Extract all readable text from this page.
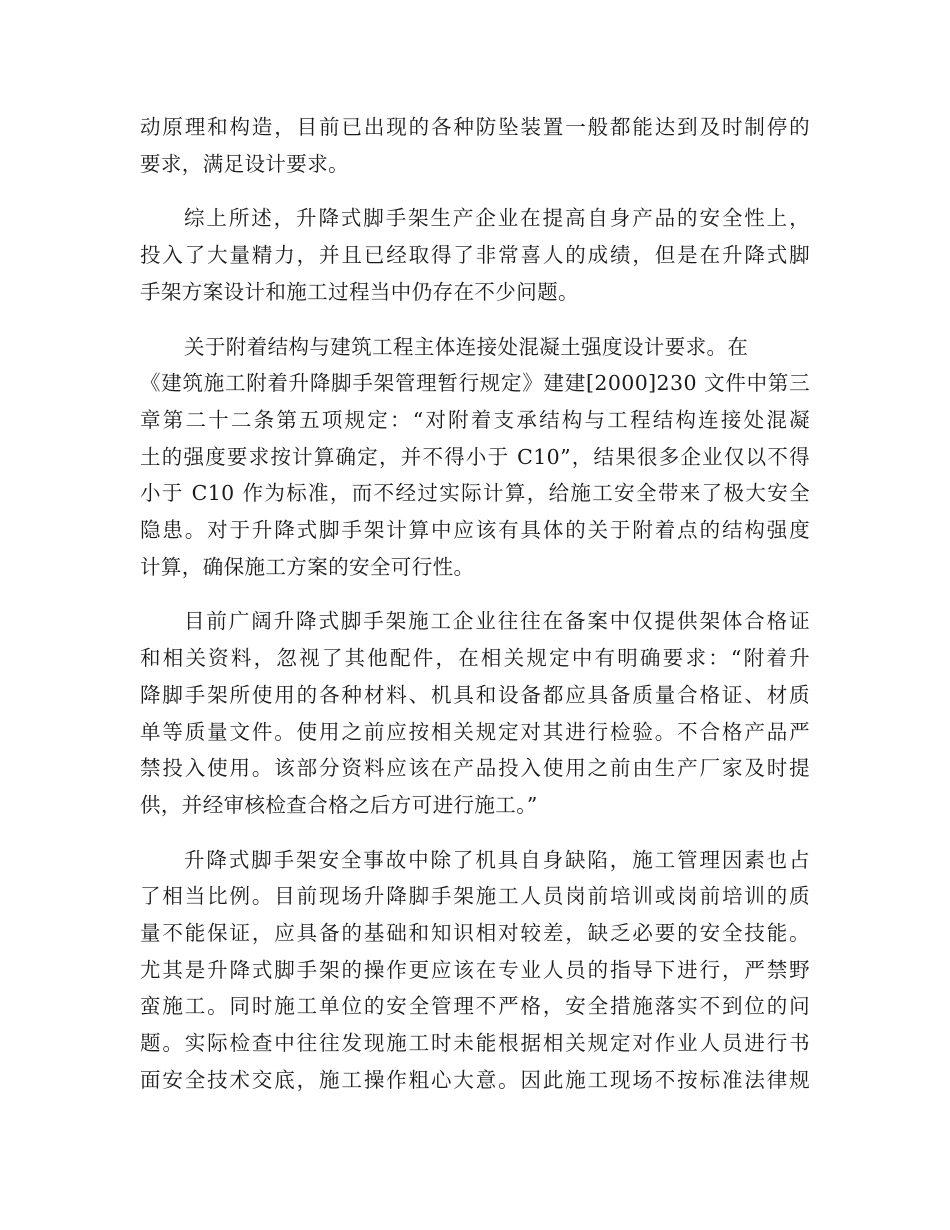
动原理和构造，目前已出现的各种防坠装置一般都能达到及时制停的
要求，满足设计要求。
综上所述，升降式脚手架生产企业在提高自身产品的安全性上，
投入了大量精力，并且已经取得了非常喜人的成绩，但是在升降式脚
手架方案设计和施工过程当中仍存在不少问题。
关于附着结构与建筑工程主体连接处混凝土强度设计要求。在
《建筑施工附着升降脚手架管理暂行规定》建建[2000]230 文件中第三
章第二十二条第五项规定：“对附着支承结构与工程结构连接处混凝
土的强度要求按计算确定，并不得小于 C10”，结果很多企业仅以不得
小于 C10 作为标准，而不经过实际计算，给施工安全带来了极大安全
隐患。对于升降式脚手架计算中应该有具体的关于附着点的结构强度
计算，确保施工方案的安全可行性。
目前广阔升降式脚手架施工企业往往在备案中仅提供架体合格证
和相关资料，忽视了其他配件，在相关规定中有明确要求：“附着升
降脚手架所使用的各种材料、机具和设备都应具备质量合格证、材质
单等质量文件。使用之前应按相关规定对其进行检验。不合格产品严
禁投入使用。该部分资料应该在产品投入使用之前由生产厂家及时提
供，并经审核检查合格之后方可进行施工。”
升降式脚手架安全事故中除了机具自身缺陷，施工管理因素也占
了相当比例。目前现场升降脚手架施工人员岗前培训或岗前培训的质
量不能保证，应具备的基础和知识相对较差，缺乏必要的安全技能。
尤其是升降式脚手架的操作更应该在专业人员的指导下进行，严禁野
蛮施工。同时施工单位的安全管理不严格，安全措施落实不到位的问
题。实际检查中往往发现施工时未能根据相关规定对作业人员进行书
面安全技术交底，施工操作粗心大意。因此施工现场不按标准法律规
